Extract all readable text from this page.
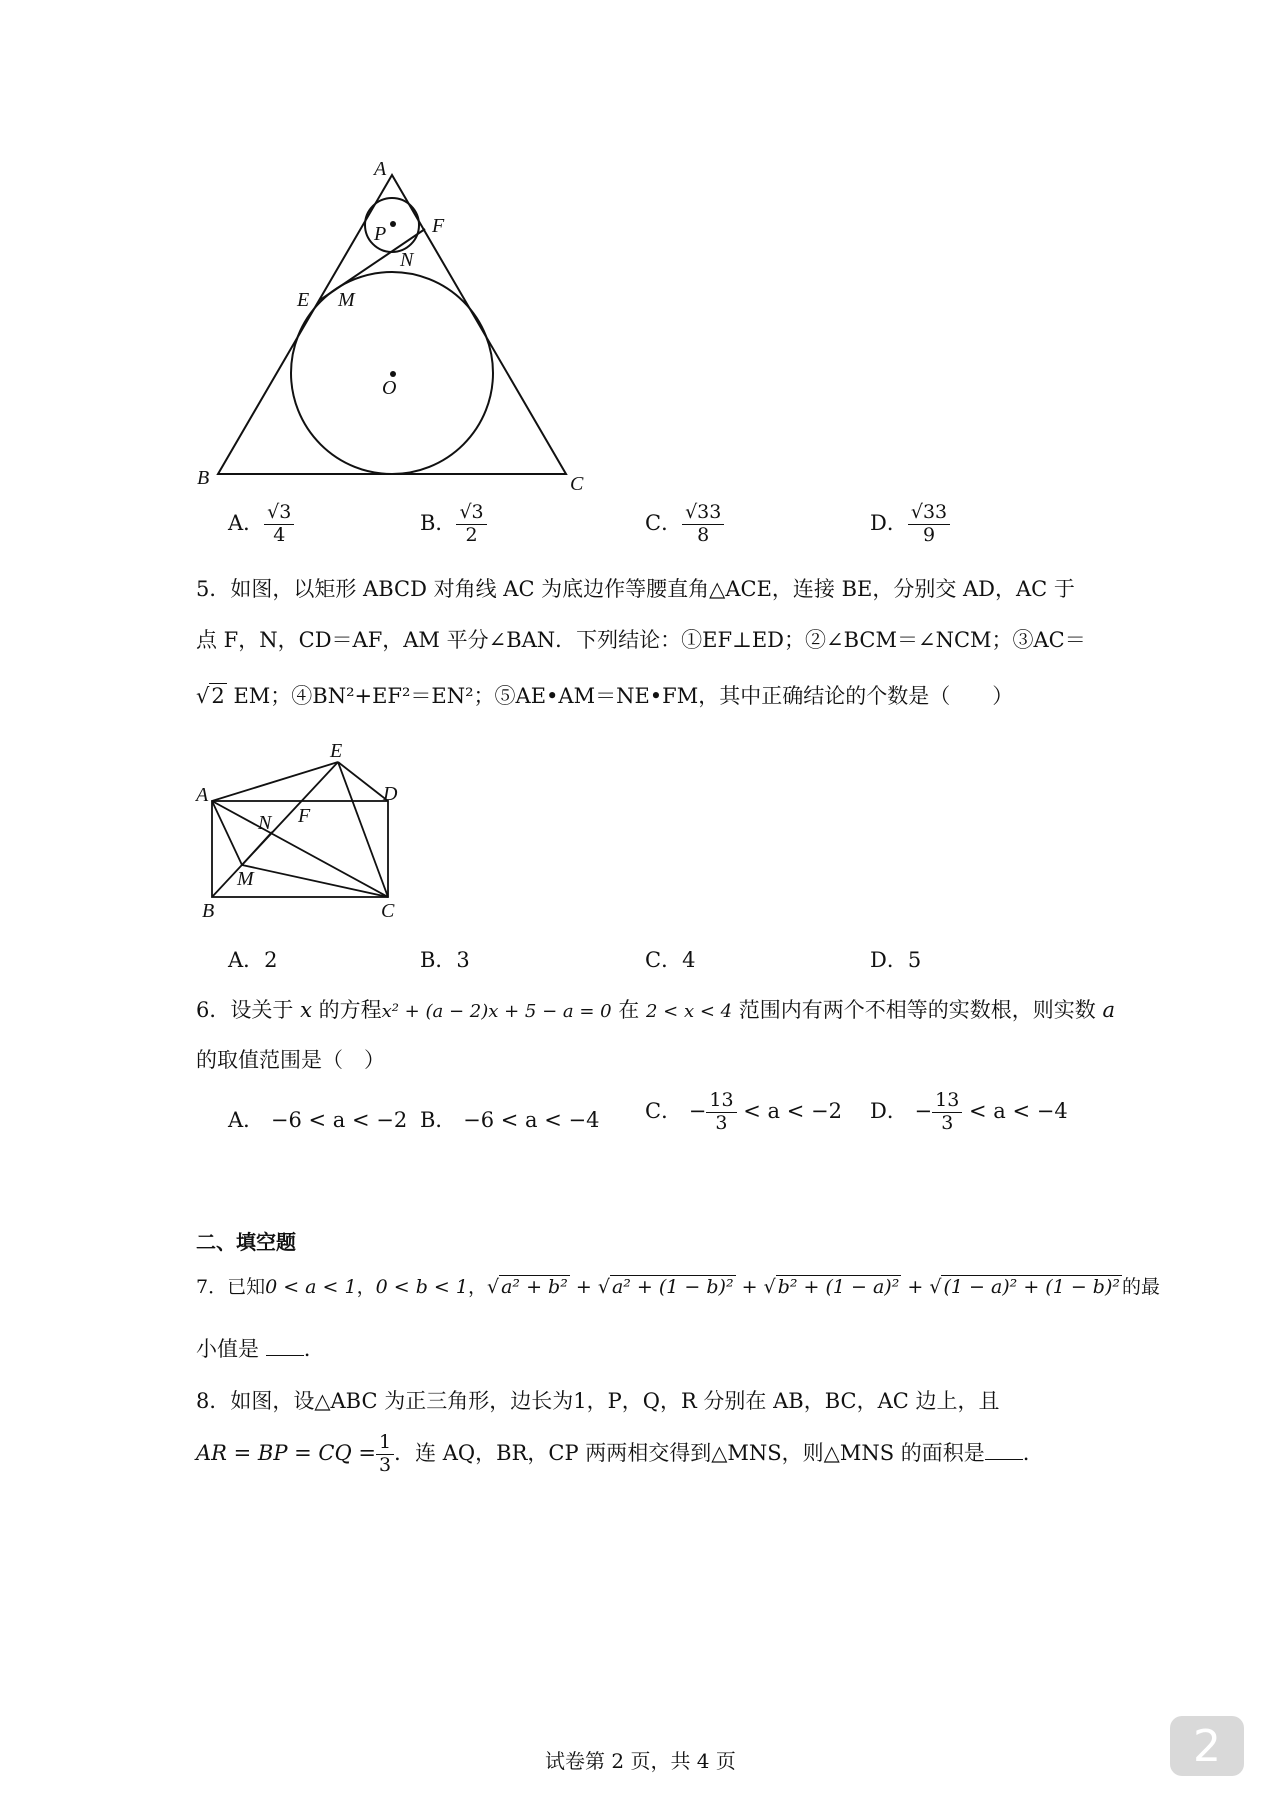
A
F
P
N
E M
O
B	C
A． $\frac{√3}{4}$	B． $\frac{√3}{2}$	C． $\frac{√33}{8}$	D． $\frac{√33}{9}$
5．如图，以矩形 ABCD 对角线 AC 为底边作等腰直角△ACE，连接 BE，分别交 AD，AC 于
点 F，N，CD＝AF，AM 平分∠BAN．下列结论：①EF⊥ED；②∠BCM＝∠NCM；③AC＝
√2 EM；④BN²+EF²＝EN²；⑤AE•AM＝NE•FM，其中正确结论的个数是（　　）
E
A	D
N F
M
B	C
A．2	B．3	C．4	D．5
6．设关于 x 的方程x² + (a − 2)x + 5 − a = 0 在 2 < x < 4 范围内有两个不相等的实数根，则实数 a
的取值范围是（　）
A． −6 < a < −2 B． −6 < a < −4 C． − $\frac{13}{3} < a < -2$ D． − $\frac{13}{3} < a < -4$
二、填空题
7．已知0 < a < 1，0 < b < 1，√ a² + b² + √ a² + (1 − b)² + √ b² + (1 − a)² + √ (1 − a)² + (1 − b)² 的最
小值是 .
8．如图，设△ABC 为正三角形，边长为1，P，Q，R 分别在 AB，BC，AC 边上，且
AR = BP = CQ = $\frac{1}{3}$ ．连 AQ，BR，CP 两两相交得到△MNS，则△MNS 的面积是 .
试卷第 2 页，共 4 页	2
